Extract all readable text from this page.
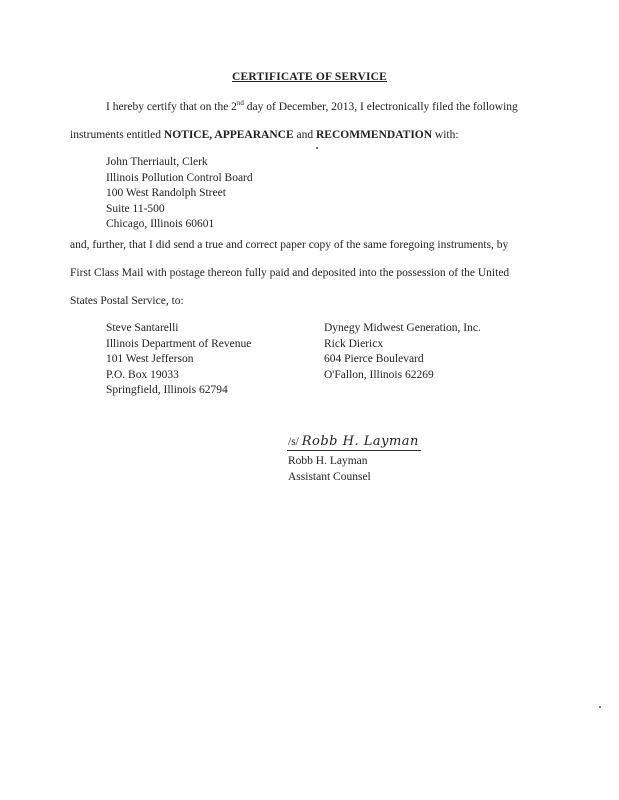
CERTIFICATE OF SERVICE
I hereby certify that on the 2nd day of December, 2013, I electronically filed the following
instruments entitled NOTICE, APPEARANCE and RECOMMENDATION with:
John Therriault, Clerk
Illinois Pollution Control Board
100 West Randolph Street
Suite 11-500
Chicago, Illinois 60601
and, further, that I did send a true and correct paper copy of the same foregoing instruments, by
First Class Mail with postage thereon fully paid and deposited into the possession of the United
States Postal Service, to:
Steve Santarelli
Illinois Department of Revenue
101 West Jefferson
P.O. Box 19033
Springfield, Illinois 62794
Dynegy Midwest Generation, Inc.
Rick Diericx
604 Pierce Boulevard
O'Fallon, Illinois 62269
/s/ Robb H. Layman
Robb H. Layman
Assistant Counsel
